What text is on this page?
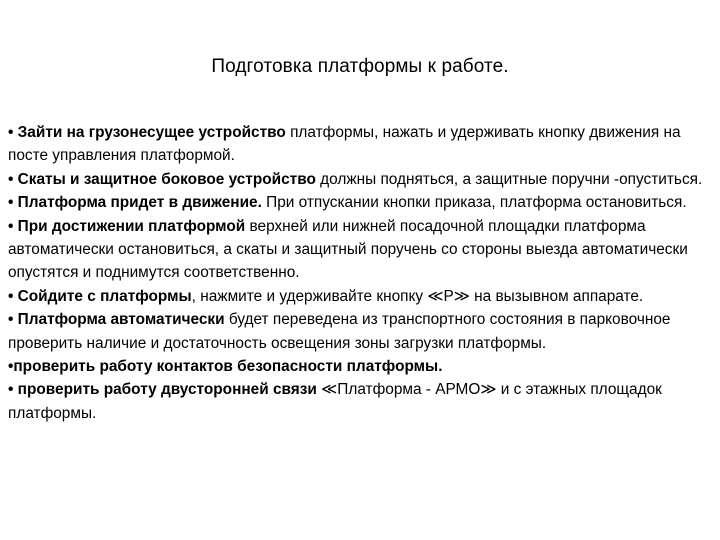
Подготовка платформы к работе.

• Зайти на грузонесущее устройство платформы, нажать и удерживать кнопку движения на посте управления платформой.

• Скаты и защитное боковое устройство должны подняться, а защитные поручни -опуститься.

• Платформа придет в движение. При отпускании кнопки приказа, платформа остановиться.

• При достижении платформой верхней или нижней посадочной площадки платформа автоматически остановиться, а скаты и защитный поручень со стороны выезда автоматически опустятся и поднимутся соответственно.

• Сойдите с платформы, нажмите и удерживайте кнопку ≪Р≫ на вызывном аппарате.

• Платформа автоматически будет переведена из транспортного состояния в парковочное проверить наличие и достаточность освещения зоны загрузки платформы.

•проверить работу контактов безопасности платформы.

• проверить работу двусторонней связи ≪Платформа - АРМО≫ и с этажных площадок платформы.
